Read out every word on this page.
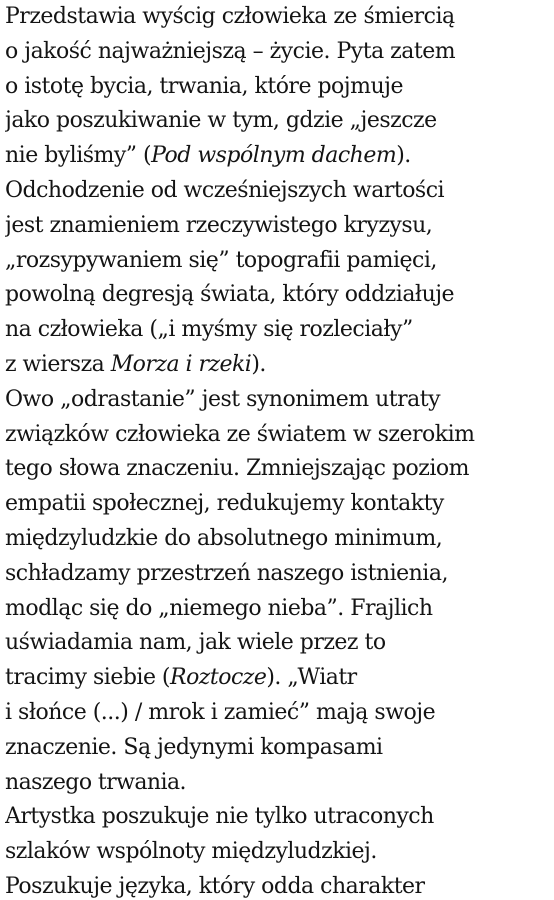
Przedstawia wyścig człowieka ze śmiercią
o jakość najważniejszą – życie. Pyta zatem
o istotę bycia, trwania, które pojmuje
jako poszukiwanie w tym, gdzie „jeszcze
nie byliśmy” (Pod wspólnym dachem).
Odchodzenie od wcześniejszych wartości
jest znamieniem rzeczywistego kryzysu,
„rozsypywaniem się” topografii pamięci,
powolną degresją świata, który oddziałuje
na człowieka („i myśmy się rozleciały”
z wiersza Morza i rzeki).
Owo „odrastanie” jest synonimem utraty
związków człowieka ze światem w szerokim
tego słowa znaczeniu. Zmniejszając poziom
empatii społecznej, redukujemy kontakty
międzyludzkie do absolutnego minimum,
schładzamy przestrzeń naszego istnienia,
modląc się do „niemego nieba”. Frajlich
uświadamia nam, jak wiele przez to
tracimy siebie (Roztocze). „Wiatr
i słońce (...) / mrok i zamieć” mają swoje
znaczenie. Są jedynymi kompasami
naszego trwania.
Artystka poszukuje nie tylko utraconych
szlaków wspólnoty międzyludzkiej.
Poszukuje języka, który odda charakter
